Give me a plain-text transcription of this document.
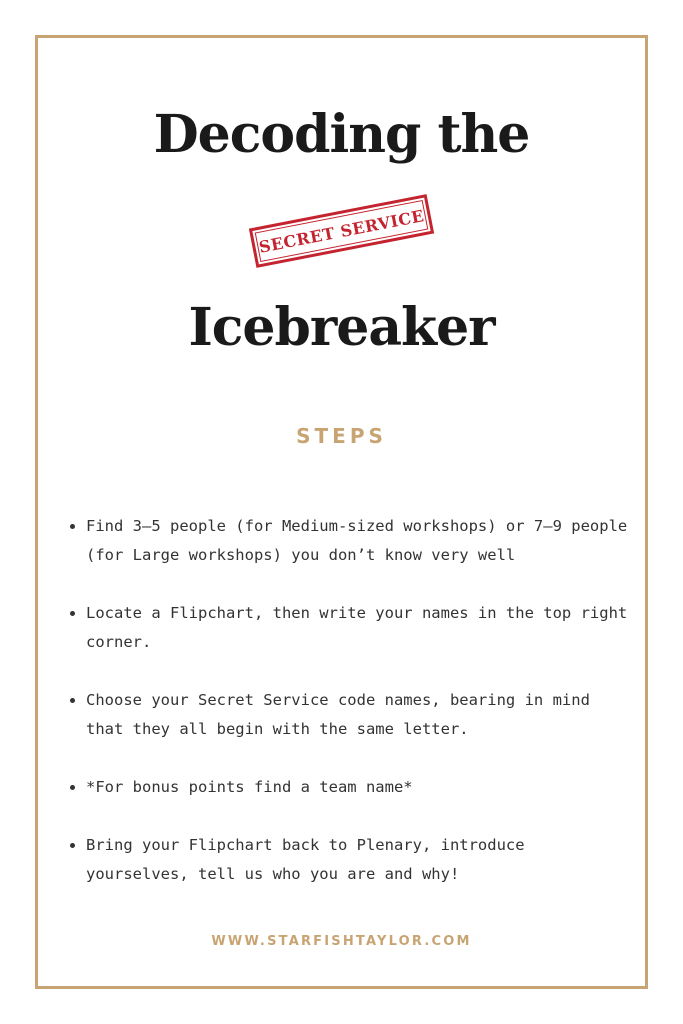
Decoding the
SECRET SERVICE
Icebreaker
STEPS
Find 3–5 people (for Medium-sized workshops) or 7–9 people (for Large workshops) you don’t know very well
Locate a Flipchart, then write your names in the top right corner.
Choose your Secret Service code names, bearing in mind that they all begin with the same letter.
*For bonus points find a team name*
Bring your Flipchart back to Plenary, introduce yourselves, tell us who you are and why!

WWW.STARFISHTAYLOR.COM
